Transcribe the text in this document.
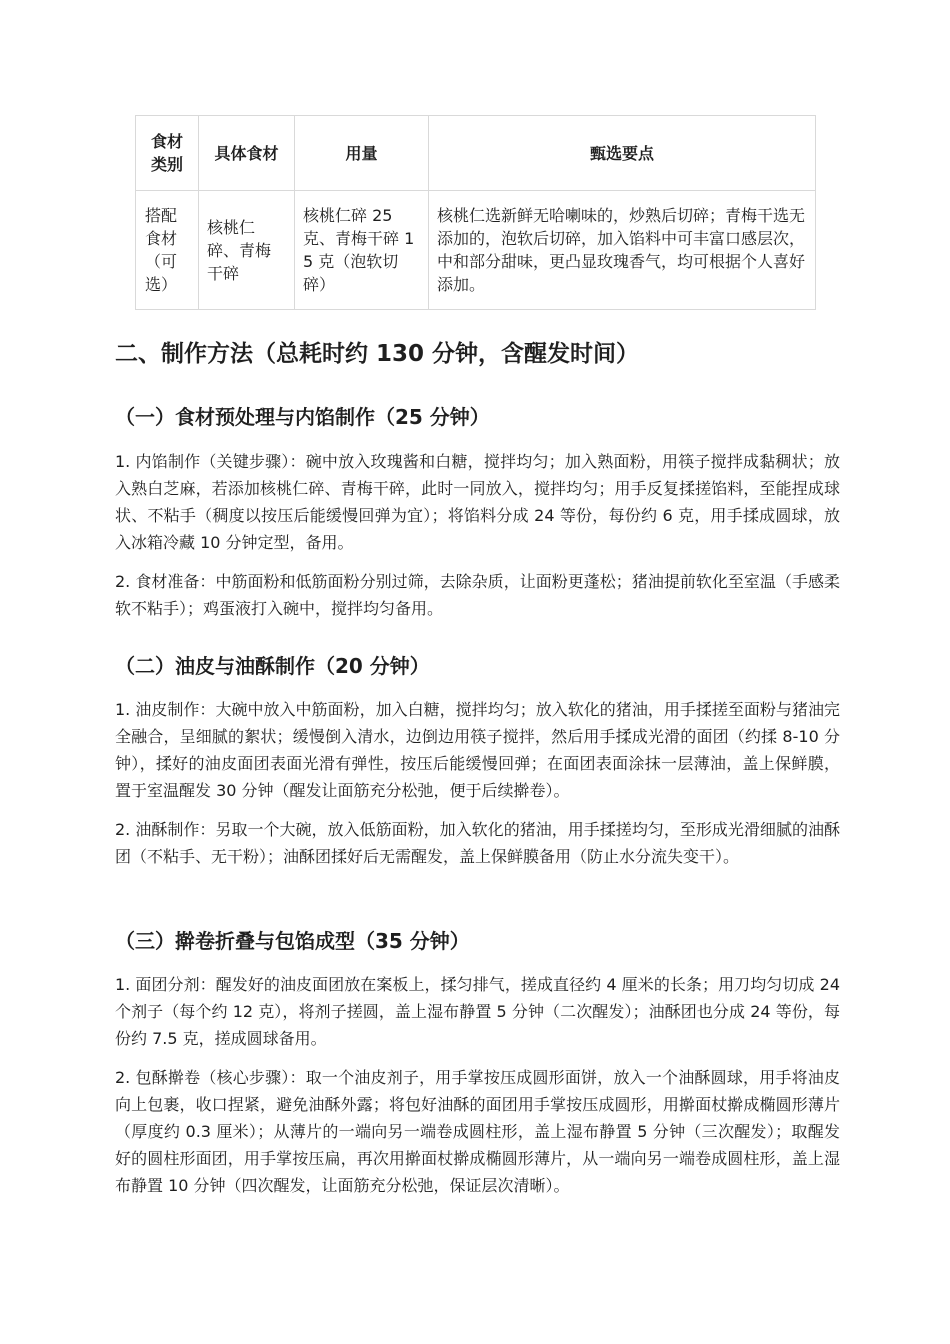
食材类别	具体食材	用量	甄选要点
搭配食材（可选）	核桃仁碎、青梅干碎	核桃仁碎 25 克、青梅干碎 15 克（泡软切碎）	核桃仁选新鲜无哈喇味的，炒熟后切碎；青梅干选无添加的，泡软后切碎，加入馅料中可丰富口感层次，中和部分甜味，更凸显玫瑰香气，均可根据个人喜好添加。
二、制作方法（总耗时约 130 分钟，含醒发时间）
（一）食材预处理与内馅制作（25 分钟）

1. 内馅制作（关键步骤）：碗中放入玫瑰酱和白糖，搅拌均匀；加入熟面粉，用筷子搅拌成黏稠状；放入熟白芝麻，若添加核桃仁碎、青梅干碎，此时一同放入，搅拌均匀；用手反复揉搓馅料，至能捏成球状、不粘手（稠度以按压后能缓慢回弹为宜）；将馅料分成 24 等份，每份约 6 克，用手揉成圆球，放入冰箱冷藏 10 分钟定型，备用。

2. 食材准备：中筋面粉和低筋面粉分别过筛，去除杂质，让面粉更蓬松；猪油提前软化至室温（手感柔软不粘手）；鸡蛋液打入碗中，搅拌均匀备用。

（二）油皮与油酥制作（20 分钟）

1. 油皮制作：大碗中放入中筋面粉，加入白糖，搅拌均匀；放入软化的猪油，用手揉搓至面粉与猪油完全融合，呈细腻的絮状；缓慢倒入清水，边倒边用筷子搅拌，然后用手揉成光滑的面团（约揉 8-10 分钟），揉好的油皮面团表面光滑有弹性，按压后能缓慢回弹；在面团表面涂抹一层薄油，盖上保鲜膜，置于室温醒发 30 分钟（醒发让面筋充分松弛，便于后续擀卷）。

2. 油酥制作：另取一个大碗，放入低筋面粉，加入软化的猪油，用手揉搓均匀，至形成光滑细腻的油酥团（不粘手、无干粉）；油酥团揉好后无需醒发，盖上保鲜膜备用（防止水分流失变干）。

（三）擀卷折叠与包馅成型（35 分钟）

1. 面团分剂：醒发好的油皮面团放在案板上，揉匀排气，搓成直径约 4 厘米的长条；用刀均匀切成 24 个剂子（每个约 12 克），将剂子搓圆，盖上湿布静置 5 分钟（二次醒发）；油酥团也分成 24 等份，每份约 7.5 克，搓成圆球备用。

2. 包酥擀卷（核心步骤）：取一个油皮剂子，用手掌按压成圆形面饼，放入一个油酥圆球，用手将油皮向上包裹，收口捏紧，避免油酥外露；将包好油酥的面团用手掌按压成圆形，用擀面杖擀成椭圆形薄片（厚度约 0.3 厘米）；从薄片的一端向另一端卷成圆柱形，盖上湿布静置 5 分钟（三次醒发）；取醒发好的圆柱形面团，用手掌按压扁，再次用擀面杖擀成椭圆形薄片，从一端向另一端卷成圆柱形，盖上湿布静置 10 分钟（四次醒发，让面筋充分松弛，保证层次清晰）。
